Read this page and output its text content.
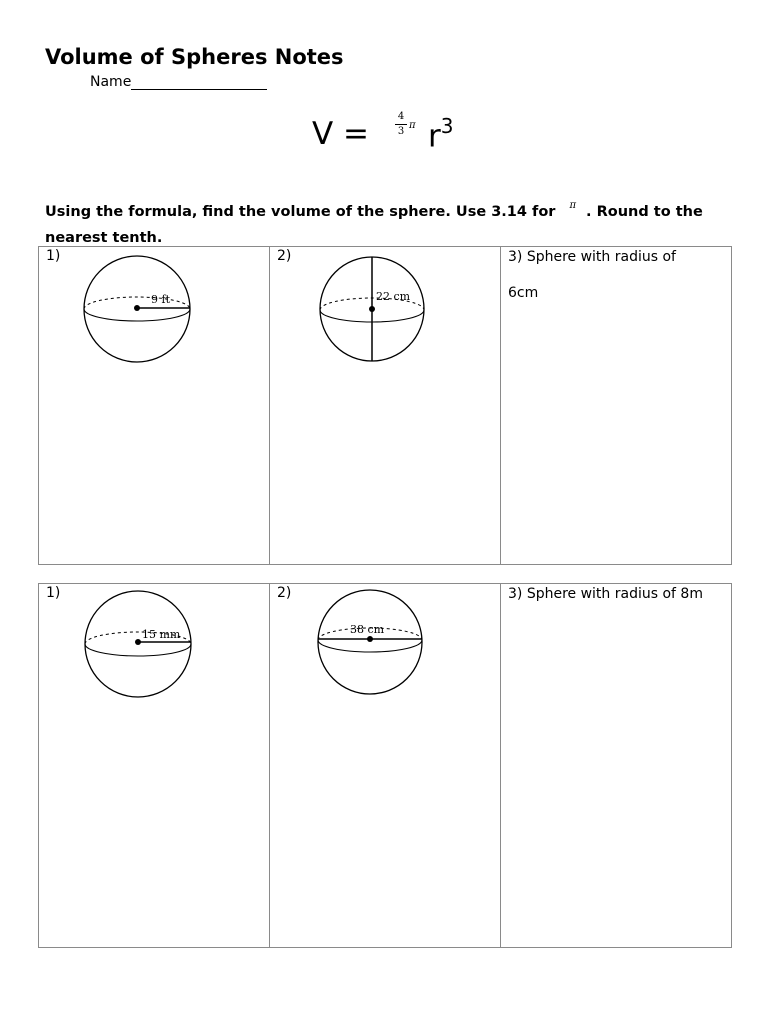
Volume of Spheres Notes
Name
V =	4
3
π $r^3$

Using the formula, find the volume of the sphere. Use 3.14 for $^\pi$ . Round to the nearest tenth.

1)
9 ft

2)
22 cm

3) Sphere with radius of
6cm
1)
15 mm

2)
38 cm

3) Sphere with radius of 8m
